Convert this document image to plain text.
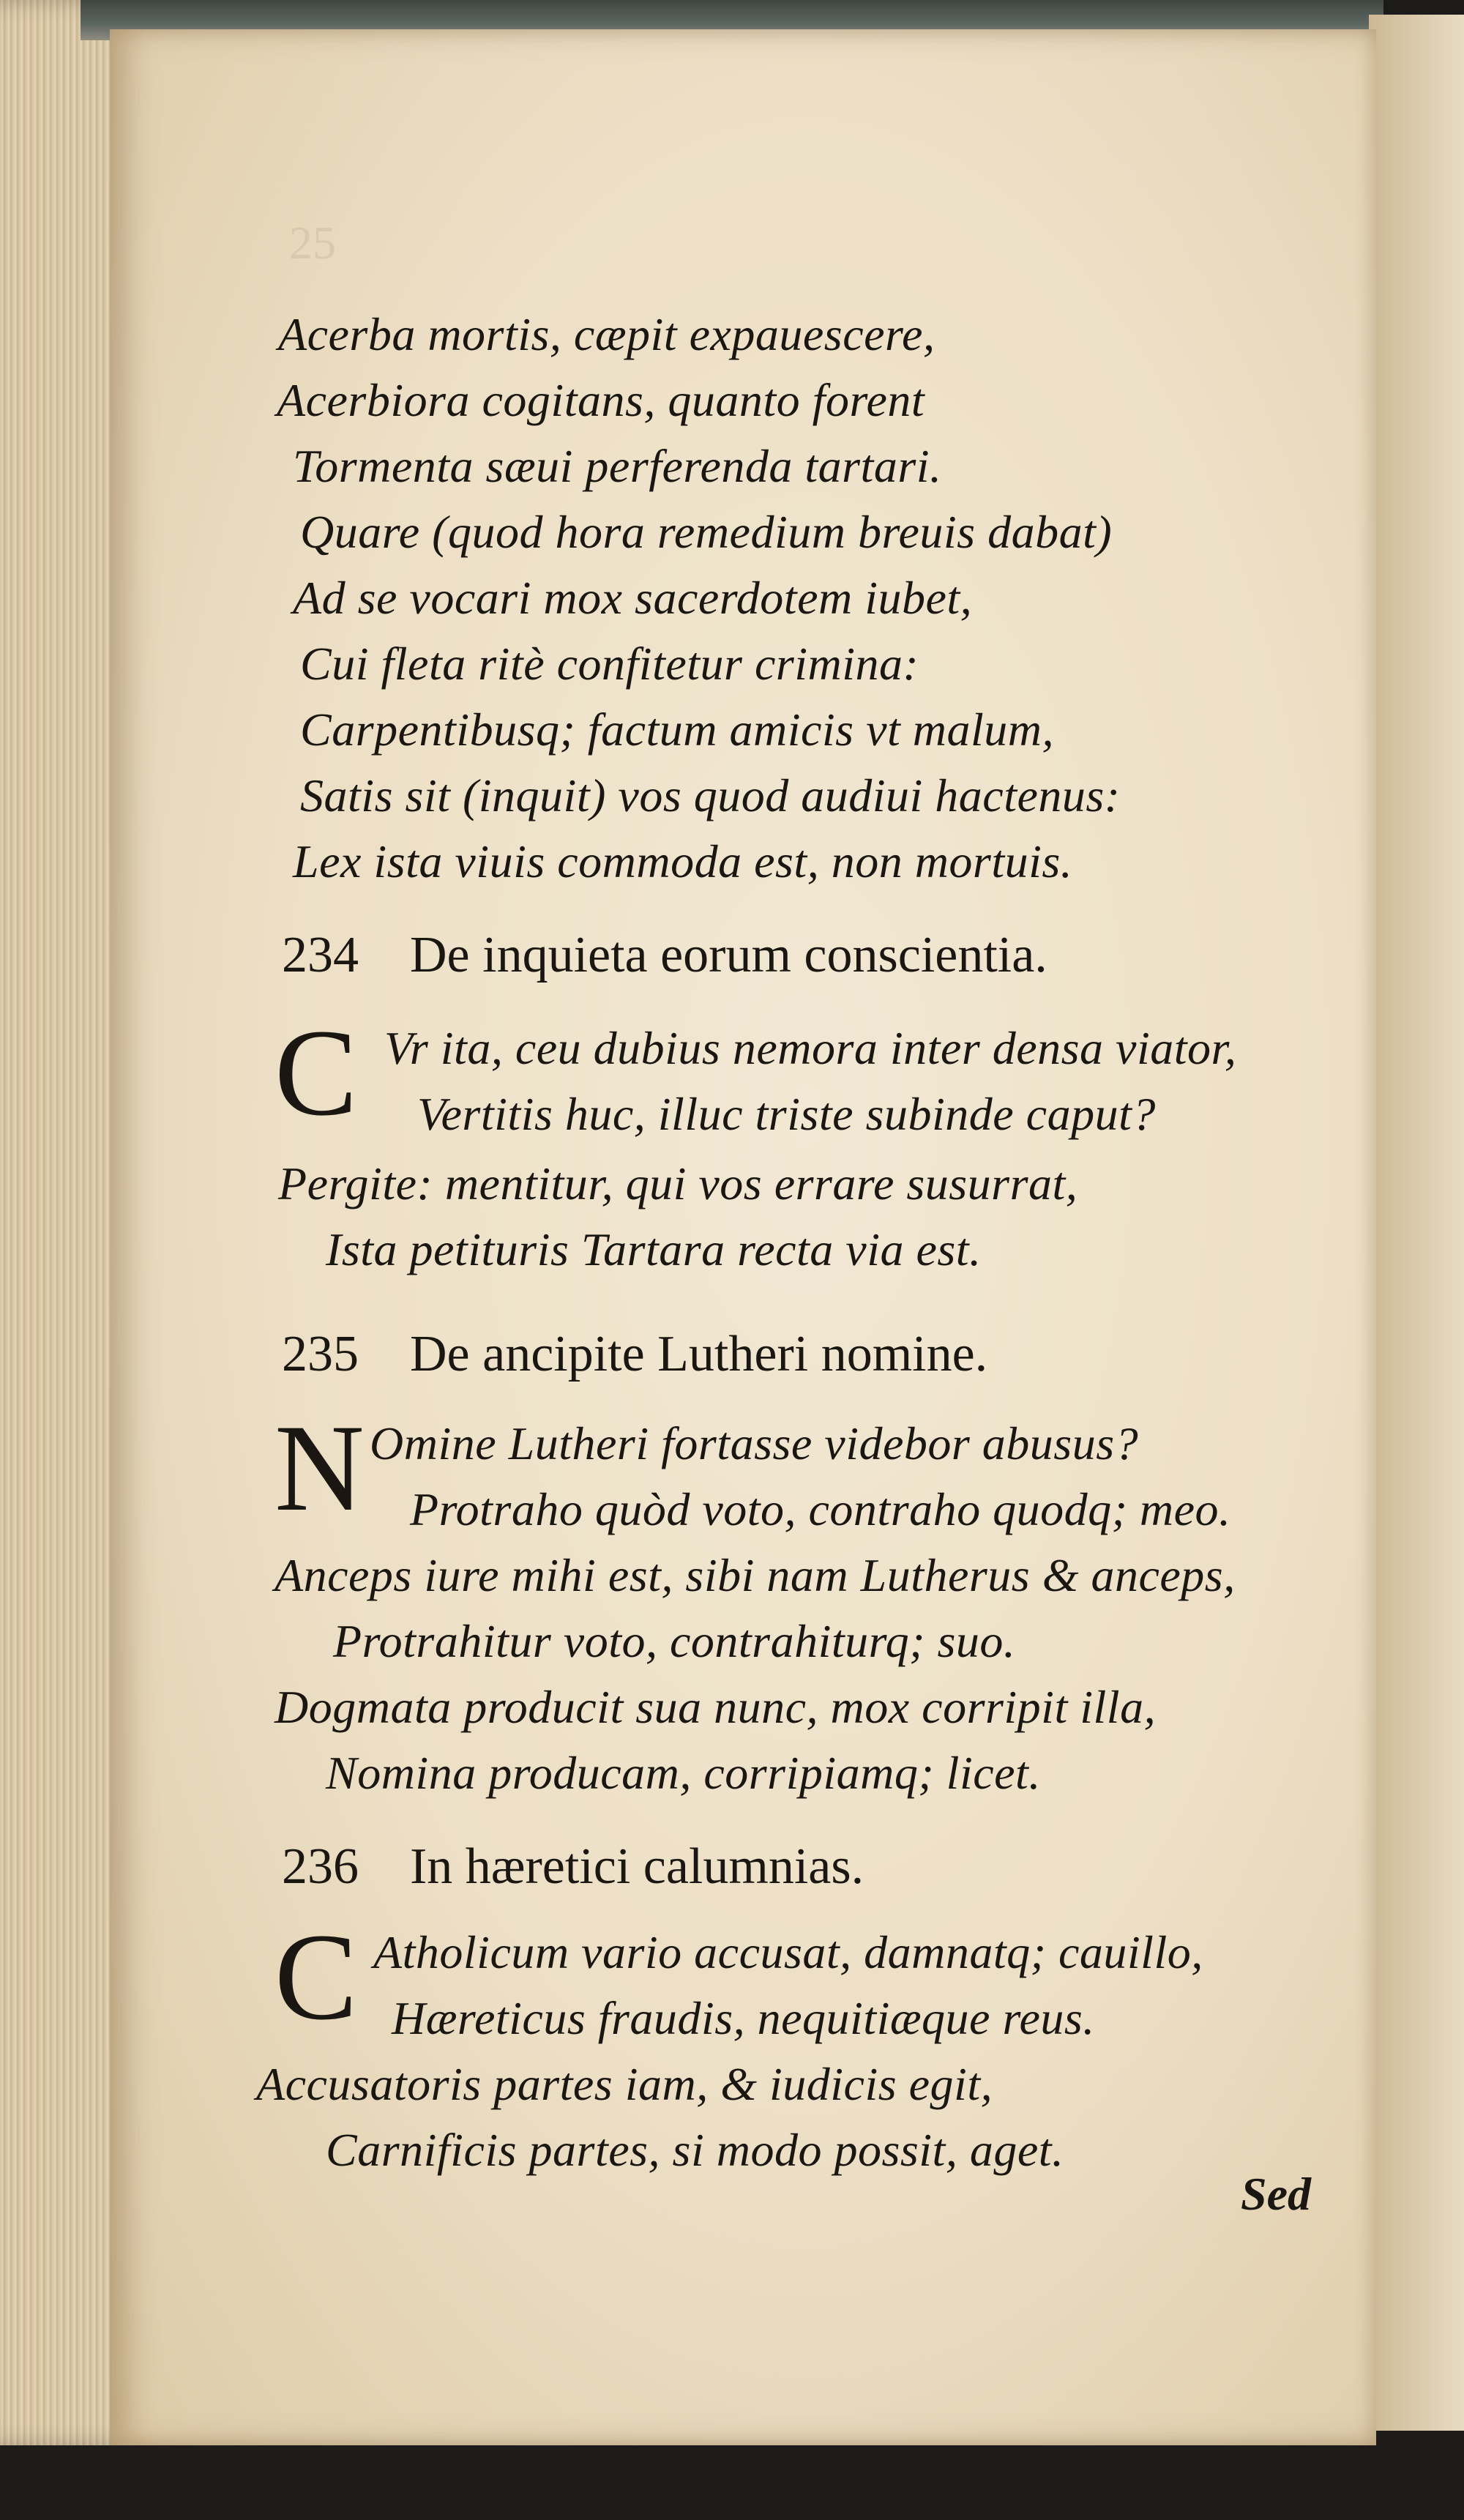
25
Acerba mortis, cæpit expauescere,
Acerbiora cogitans, quanto forent
Tormenta sæui perferenda tartari.
Quare (quod hora remedium breuis dabat)
Ad se vocari mox sacerdotem iubet,
Cui fleta ritè confitetur crimina:
Carpentibusq; factum amicis vt malum,
Satis sit (inquit) vos quod audiui hactenus:
Lex ista viuis commoda est, non mortuis.
234 De inquieta eorum conscientia.
C Vr ita, ceu dubius nemora inter densa viator,
Vertitis huc, illuc triste subinde caput?
Pergite: mentitur, qui vos errare susurrat,
Ista petituris Tartara recta via est.
235 De ancipite Lutheri nomine.
N Omine Lutheri fortasse videbor abusus?
Protraho quòd voto, contraho quodq; meo.
Anceps iure mihi est, sibi nam Lutherus & anceps,
Protrahitur voto, contrahiturq; suo.
Dogmata producit sua nunc, mox corripit illa,
Nomina producam, corripiamq; licet.
236 In hæretici calumnias.
C Atholicum vario accusat, damnatq; cauillo,
Hæreticus fraudis, nequitiæque reus.
Accusatoris partes iam, & iudicis egit,
Carnificis partes, si modo possit, aget.
Sed
